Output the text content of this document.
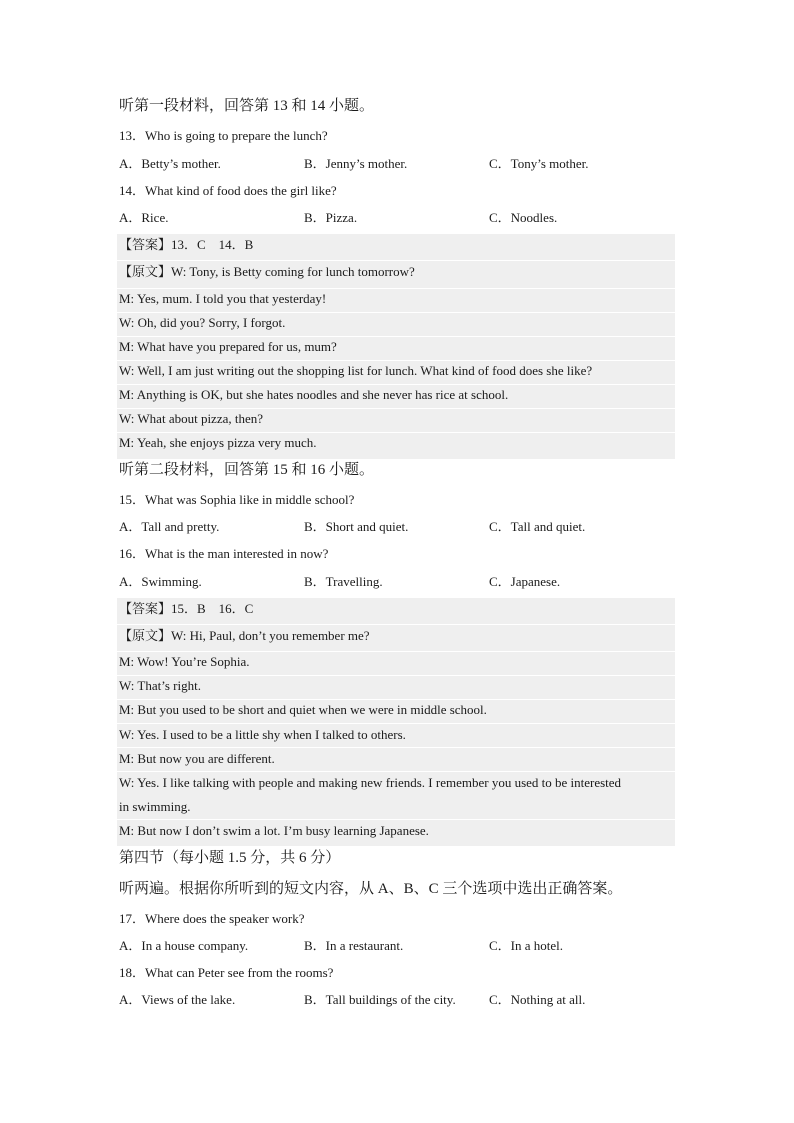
听第一段材料，回答第 13 和 14 小题。
13．Who is going to prepare the lunch?
A．Betty’s mother.	B．Jenny’s mother.	C．Tony’s mother.
14．What kind of food does the girl like?
A．Rice.	B．Pizza.	C．Noodles.
【答案】13．C　14．B
【原文】W: Tony, is Betty coming for lunch tomorrow?
M: Yes, mum. I told you that yesterday!
W: Oh, did you? Sorry, I forgot.
M: What have you prepared for us, mum?
W: Well, I am just writing out the shopping list for lunch. What kind of food does she like?
M: Anything is OK, but she hates noodles and she never has rice at school.
W: What about pizza, then?
M: Yeah, she enjoys pizza very much.
听第二段材料，回答第 15 和 16 小题。
15．What was Sophia like in middle school?
A．Tall and pretty.	B．Short and quiet.	C．Tall and quiet.
16．What is the man interested in now?
A．Swimming.	B．Travelling.	C．Japanese.
【答案】15．B　16．C
【原文】W: Hi, Paul, don’t you remember me?
M: Wow! You’re Sophia.
W: That’s right.
M: But you used to be short and quiet when we were in middle school.
W: Yes. I used to be a little shy when I talked to others.
M: But now you are different.
W: Yes. I like talking with people and making new friends. I remember you used to be interested
in swimming.
M: But now I don’t swim a lot. I’m busy learning Japanese.
第四节（每小题 1.5 分，共 6 分）
听两遍。根据你所听到的短文内容，从 A、B、C 三个选项中选出正确答案。
17．Where does the speaker work?
A．In a house company.	B．In a restaurant.	C．In a hotel.
18．What can Peter see from the rooms?
A．Views of the lake.	B．Tall buildings of the city.	C．Nothing at all.
